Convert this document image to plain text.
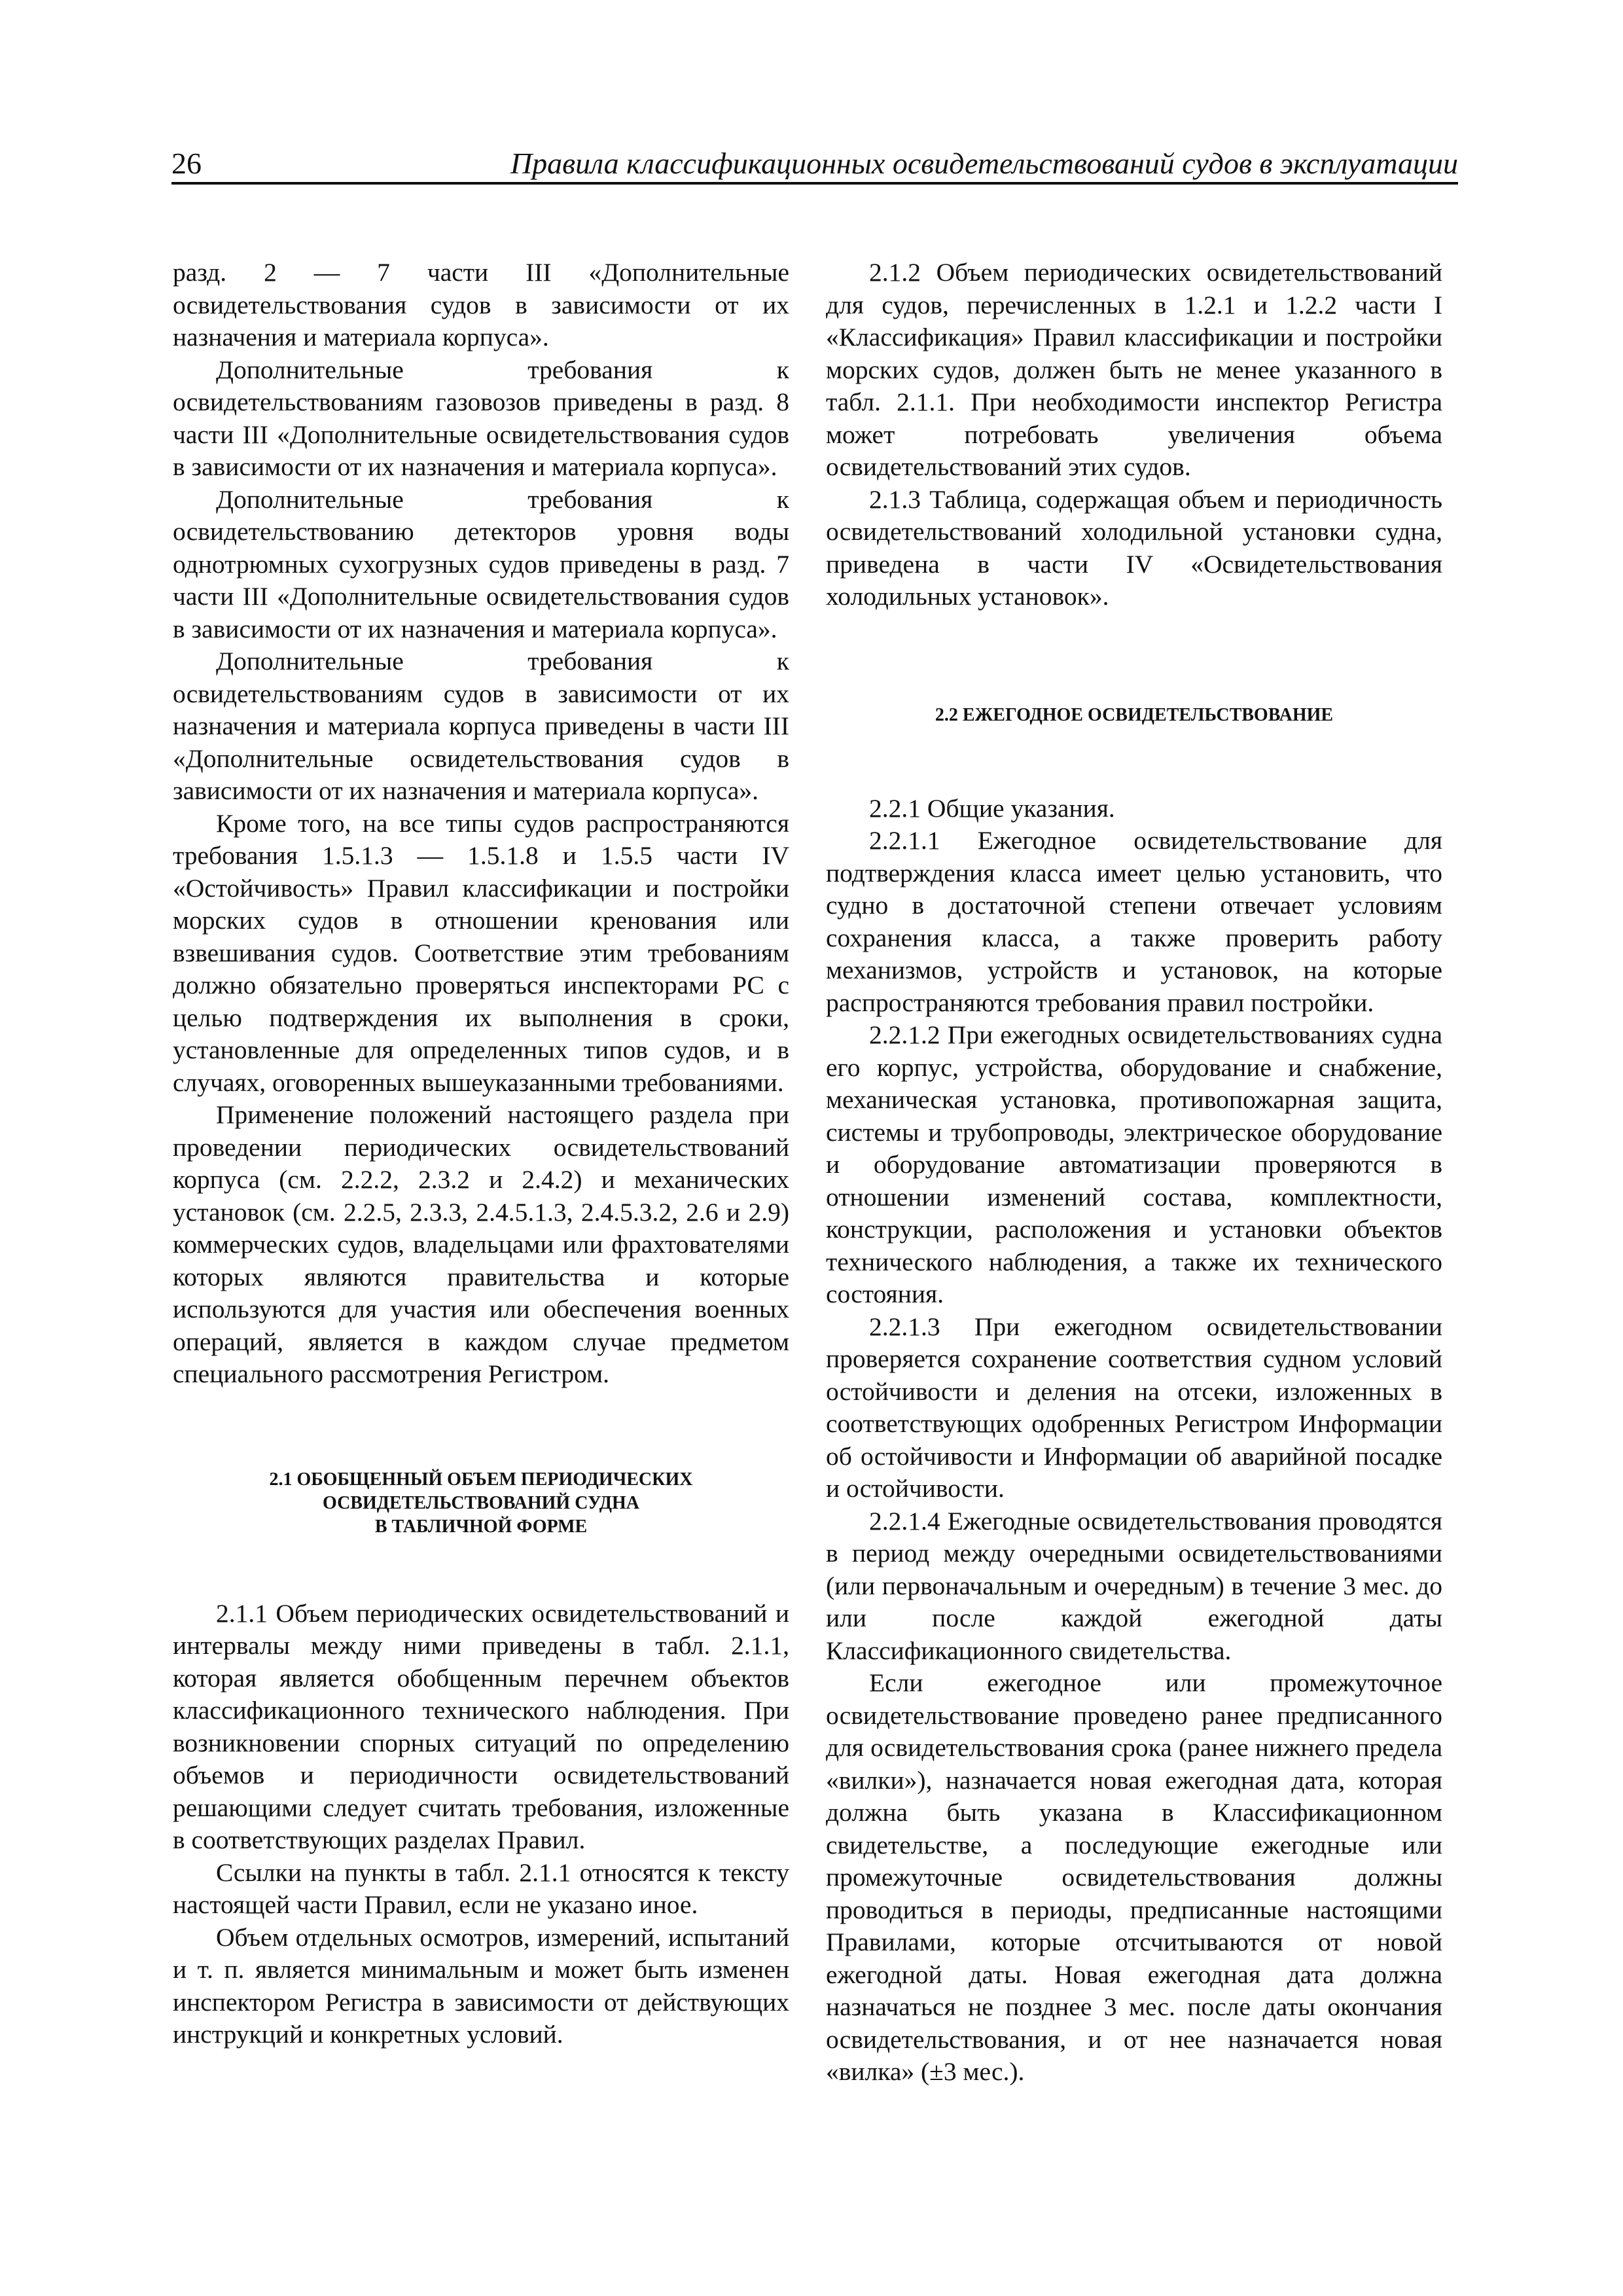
26	Правила классификационных освидетельствований судов в эксплуатации

разд. 2 — 7 части III «Дополнительные освидетельствования судов в зависимости от их назначения и материала корпуса».

Дополнительные требования к освидетельствованиям газовозов приведены в разд. 8 части III «Дополнительные освидетельствования судов в зависимости от их назначения и материала корпуса».

Дополнительные требования к освидетельствованию детекторов уровня воды однотрюмных сухогрузных судов приведены в разд. 7 части III «Дополнительные освидетельствования судов в зависимости от их назначения и материала корпуса».

Дополнительные требования к освидетельствованиям судов в зависимости от их назначения и материала корпуса приведены в части III «Дополнительные освидетельствования судов в зависимости от их назначения и материала корпуса».

Кроме того, на все типы судов распространяются требования 1.5.1.3 — 1.5.1.8 и 1.5.5 части IV «Остойчивость» Правил классификации и постройки морских судов в отношении кренования или взвешивания судов. Соответствие этим требованиям должно обязательно проверяться инспекторами РС с целью подтверждения их выполнения в сроки, установленные для определенных типов судов, и в случаях, оговоренных вышеуказанными требованиями.

Применение положений настоящего раздела при проведении периодических освидетельствований корпуса (см. 2.2.2, 2.3.2 и 2.4.2) и механических установок (см. 2.2.5, 2.3.3, 2.4.5.1.3, 2.4.5.3.2, 2.6 и 2.9) коммерческих судов, владельцами или фрахтователями которых являются правительства и которые используются для участия или обеспечения военных операций, является в каждом случае предметом специального рассмотрения Регистром.

2.1 ОБОБЩЕННЫЙ ОБЪЕМ ПЕРИОДИЧЕСКИХ
ОСВИДЕТЕЛЬСТВОВАНИЙ СУДНА
В ТАБЛИЧНОЙ ФОРМЕ

2.1.1 Объем периодических освидетельствований и интервалы между ними приведены в табл. 2.1.1, которая является обобщенным перечнем объектов классификационного технического наблюдения. При возникновении спорных ситуаций по определению объемов и периодичности освидетельствований решающими следует считать требования, изложенные в соответствующих разделах Правил.

Ссылки на пункты в табл. 2.1.1 относятся к тексту настоящей части Правил, если не указано иное.

Объем отдельных осмотров, измерений, испытаний и т. п. является минимальным и может быть изменен инспектором Регистра в зависимости от действующих инструкций и конкретных условий.

2.1.2 Объем периодических освидетельствований для судов, перечисленных в 1.2.1 и 1.2.2 части I «Классификация» Правил классификации и постройки морских судов, должен быть не менее указанного в табл. 2.1.1. При необходимости инспектор Регистра может потребовать увеличения объема освидетельствований этих судов.

2.1.3 Таблица, содержащая объем и периодичность освидетельствований холодильной установки судна, приведена в части IV «Освидетельствования холодильных установок».

2.2 ЕЖЕГОДНОЕ ОСВИДЕТЕЛЬСТВОВАНИЕ

2.2.1 Общие указания.

2.2.1.1 Ежегодное освидетельствование для подтверждения класса имеет целью установить, что судно в достаточной степени отвечает условиям сохранения класса, а также проверить работу механизмов, устройств и установок, на которые распространяются требования правил постройки.

2.2.1.2 При ежегодных освидетельствованиях судна его корпус, устройства, оборудование и снабжение, механическая установка, противопожарная защита, системы и трубопроводы, электрическое оборудование и оборудование автоматизации проверяются в отношении изменений состава, комплектности, конструкции, расположения и установки объектов технического наблюдения, а также их технического состояния.

2.2.1.3 При ежегодном освидетельствовании проверяется сохранение соответствия судном условий остойчивости и деления на отсеки, изложенных в соответствующих одобренных Регистром Информации об остойчивости и Информации об аварийной посадке и остойчивости.

2.2.1.4 Ежегодные освидетельствования проводятся в период между очередными освидетельствованиями (или первоначальным и очередным) в течение 3 мес. до или после каждой ежегодной даты Классификационного свидетельства.

Если ежегодное или промежуточное освидетельствование проведено ранее предписанного для освидетельствования срока (ранее нижнего предела «вилки»), назначается новая ежегодная дата, которая должна быть указана в Классификационном свидетельстве, а последующие ежегодные или промежуточные освидетельствования должны проводиться в периоды, предписанные настоящими Правилами, которые отсчитываются от новой ежегодной даты. Новая ежегодная дата должна назначаться не позднее 3 мес. после даты окончания освидетельствования, и от нее назначается новая «вилка» (±3 мес.).
